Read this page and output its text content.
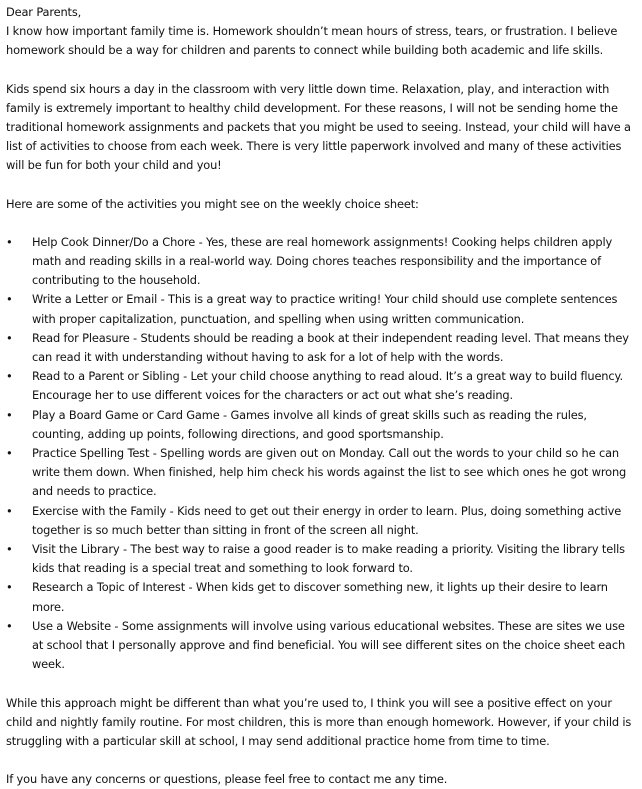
Dear Parents,

I know how important family time is. Homework shouldn’t mean hours of stress, tears, or frustration. I believe homework should be a way for children and parents to connect while building both academic and life skills.

Kids spend six hours a day in the classroom with very little down time. Relaxation, play, and interaction with family is extremely important to healthy child development. For these reasons, I will not be sending home the traditional homework assignments and packets that you might be used to seeing. Instead, your child will have a list of activities to choose from each week. There is very little paperwork involved and many of these activities will be fun for both your child and you!

Here are some of the activities you might see on the weekly choice sheet:

•	Help Cook Dinner/Do a Chore - Yes, these are real homework assignments! Cooking helps children apply math and reading skills in a real-world way. Doing chores teaches responsibility and the importance of contributing to the household.
•	Write a Letter or Email - This is a great way to practice writing! Your child should use complete sentences with proper capitalization, punctuation, and spelling when using written communication.
•	Read for Pleasure - Students should be reading a book at their independent reading level. That means they can read it with understanding without having to ask for a lot of help with the words.
•	Read to a Parent or Sibling - Let your child choose anything to read aloud. It’s a great way to build fluency. Encourage her to use different voices for the characters or act out what she’s reading.
•	Play a Board Game or Card Game - Games involve all kinds of great skills such as reading the rules, counting, adding up points, following directions, and good sportsmanship.
•	Practice Spelling Test - Spelling words are given out on Monday. Call out the words to your child so he can write them down. When finished, help him check his words against the list to see which ones he got wrong and needs to practice.
•	Exercise with the Family - Kids need to get out their energy in order to learn. Plus, doing something active together is so much better than sitting in front of the screen all night.
•	Visit the Library - The best way to raise a good reader is to make reading a priority. Visiting the library tells kids that reading is a special treat and something to look forward to.
•	Research a Topic of Interest - When kids get to discover something new, it lights up their desire to learn more.
•	Use a Website - Some assignments will involve using various educational websites. These are sites we use at school that I personally approve and find beneficial. You will see different sites on the choice sheet each week.

While this approach might be different than what you’re used to, I think you will see a positive effect on your child and nightly family routine. For most children, this is more than enough homework. However, if your child is struggling with a particular skill at school, I may send additional practice home from time to time.

If you have any concerns or questions, please feel free to contact me any time.
